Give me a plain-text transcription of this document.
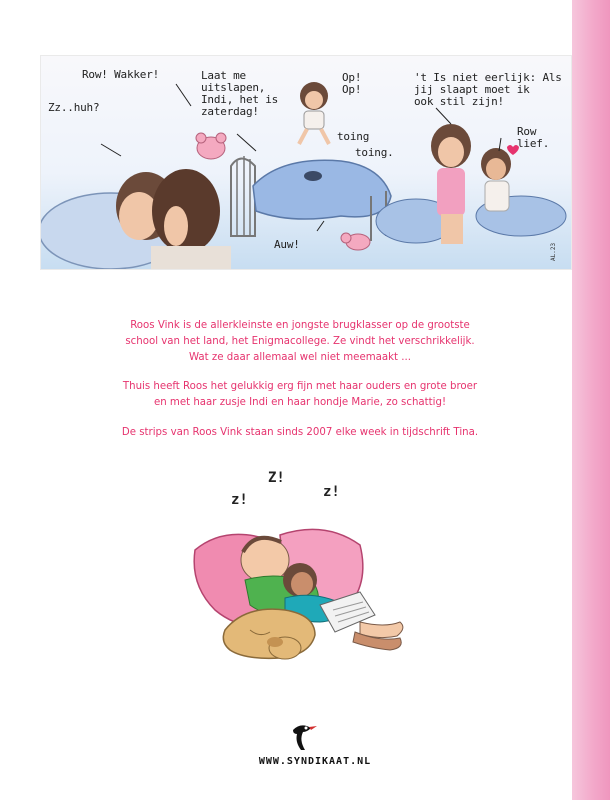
AL.23
Row! Wakker!
Zz..huh?
Laat me
uitslapen,
Indi, het is
zaterdag!
Op!
Op!
toing
toing.
Auw!
't Is niet eerlijk: Als
jij slaapt moet ik
ook stil zijn!
Row
lief.

Roos Vink is de allerkleinste en jongste brugklasser op de grootste
school van het land, het Enigmacollege. Ze vindt het verschrikkelijk.
Wat ze daar allemaal wel niet meemaakt ...

Thuis heeft Roos het gelukkig erg fijn met haar ouders en grote broer
en met haar zusje Indi en haar hondje Marie, zo schattig!

De strips van Roos Vink staan sinds 2007 elke week in tijdschrift Tina.

z!
Z!
z!
WWW.SYNDIKAAT.NL
